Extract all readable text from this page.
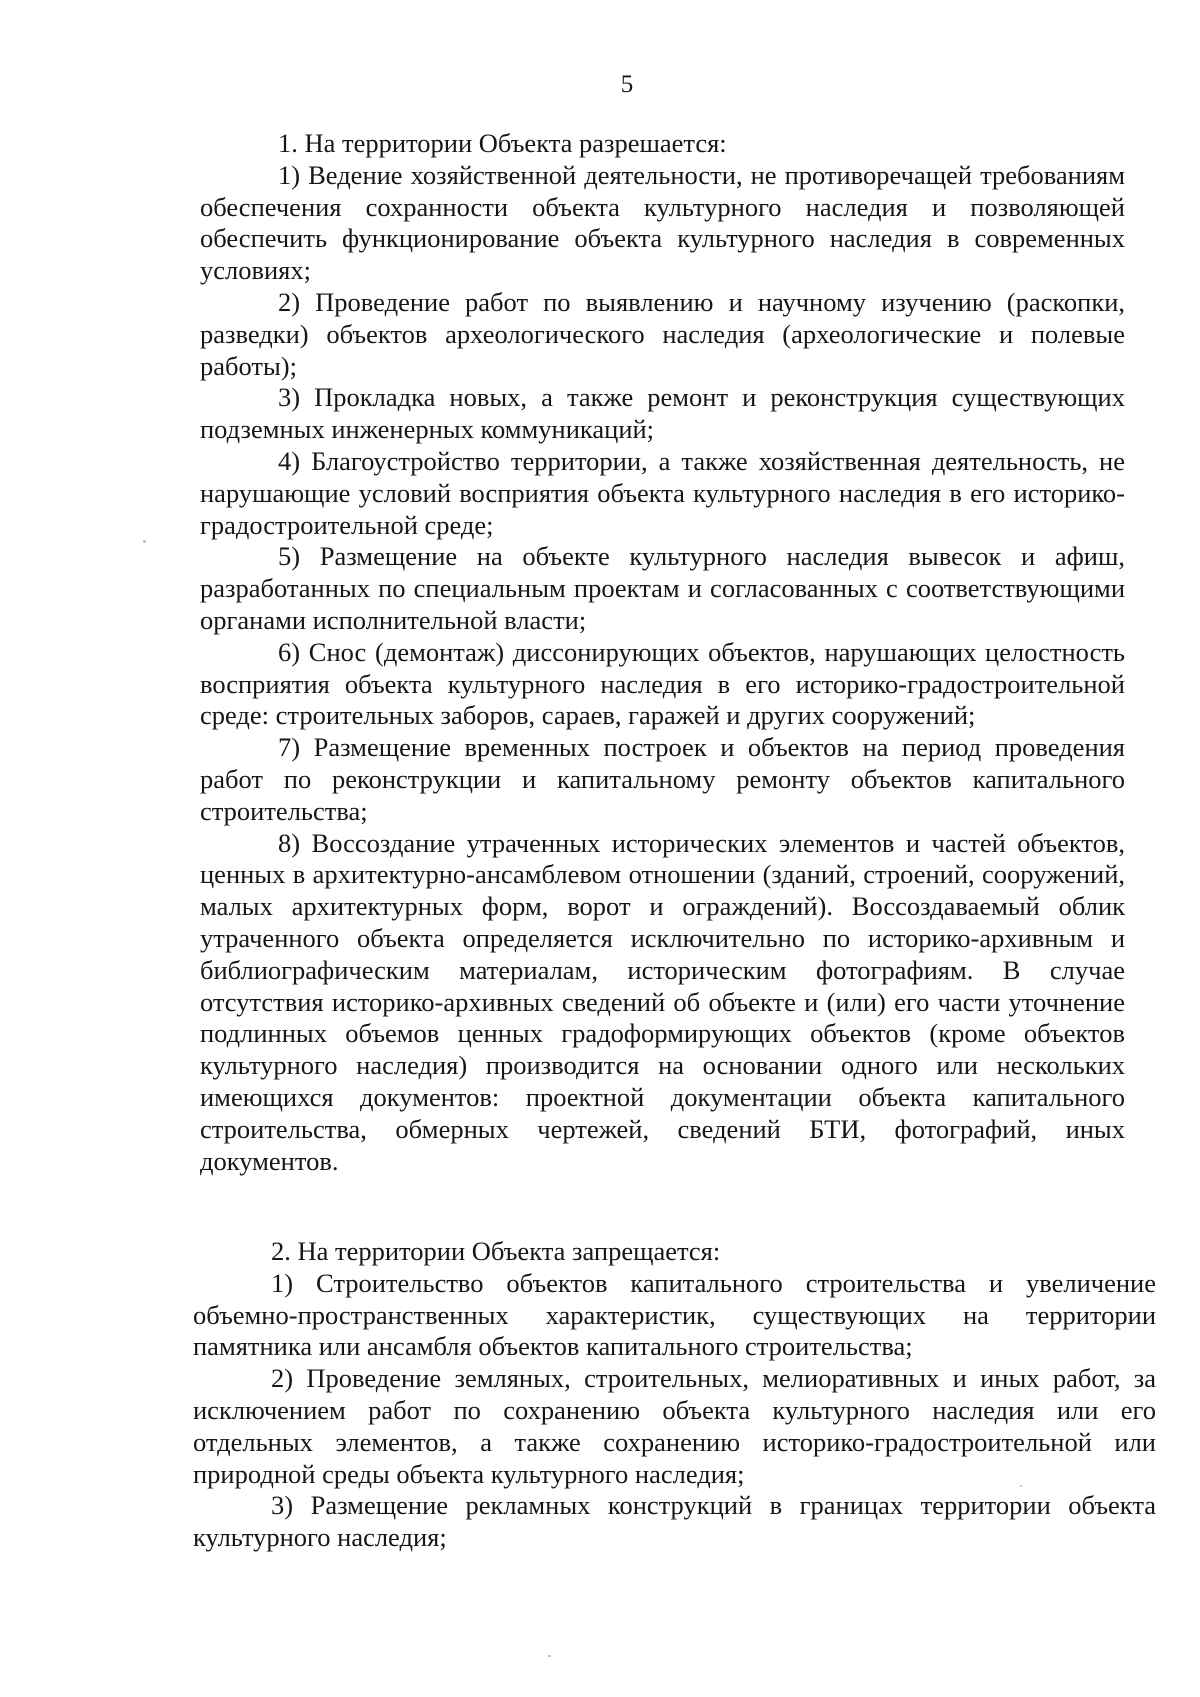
5

1. На территории Объекта разрешается:

1) Ведение хозяйственной деятельности, не противоречащей требованиям обеспечения сохранности объекта культурного наследия и позволяющей обеспечить функционирование объекта культурного наследия в современных условиях;

2) Проведение работ по выявлению и научному изучению (раскопки, разведки) объектов археологического наследия (археологические и полевые работы);

3) Прокладка новых, а также ремонт и реконструкция существующих подземных инженерных коммуникаций;

4) Благоустройство территории, а также хозяйственная деятельность, не нарушающие условий восприятия объекта культурного наследия в его историко-градостроительной среде;

5) Размещение на объекте культурного наследия вывесок и афиш, разработанных по специальным проектам и согласованных с соответствующими органами исполнительной власти;

6) Снос (демонтаж) диссонирующих объектов, нарушающих целостность восприятия объекта культурного наследия в его историко-градостроительной среде: строительных заборов, сараев, гаражей и других сооружений;

7) Размещение временных построек и объектов на период проведения работ по реконструкции и капитальному ремонту объектов капитального строительства;

8) Воссоздание утраченных исторических элементов и частей объектов, ценных в архитектурно-ансамблевом отношении (зданий, строений, сооружений, малых архитектурных форм, ворот и ограждений). Воссоздаваемый облик утраченного объекта определяется исключительно по историко-архивным и библиографическим материалам, историческим фотографиям. В случае отсутствия историко-архивных сведений об объекте и (или) его части уточнение подлинных объемов ценных градоформирующих объектов (кроме объектов культурного наследия) производится на основании одного или нескольких имеющихся документов: проектной документации объекта капитального строительства, обмерных чертежей, сведений БТИ, фотографий, иных документов.

2. На территории Объекта запрещается:

1) Строительство объектов капитального строительства и увеличение объемно-пространственных характеристик, существующих на территории памятника или ансамбля объектов капитального строительства;

2) Проведение земляных, строительных, мелиоративных и иных работ, за исключением работ по сохранению объекта культурного наследия или его отдельных элементов, а также сохранению историко-градостроительной или природной среды объекта культурного наследия;

3) Размещение рекламных конструкций в границах территории объекта культурного наследия;
